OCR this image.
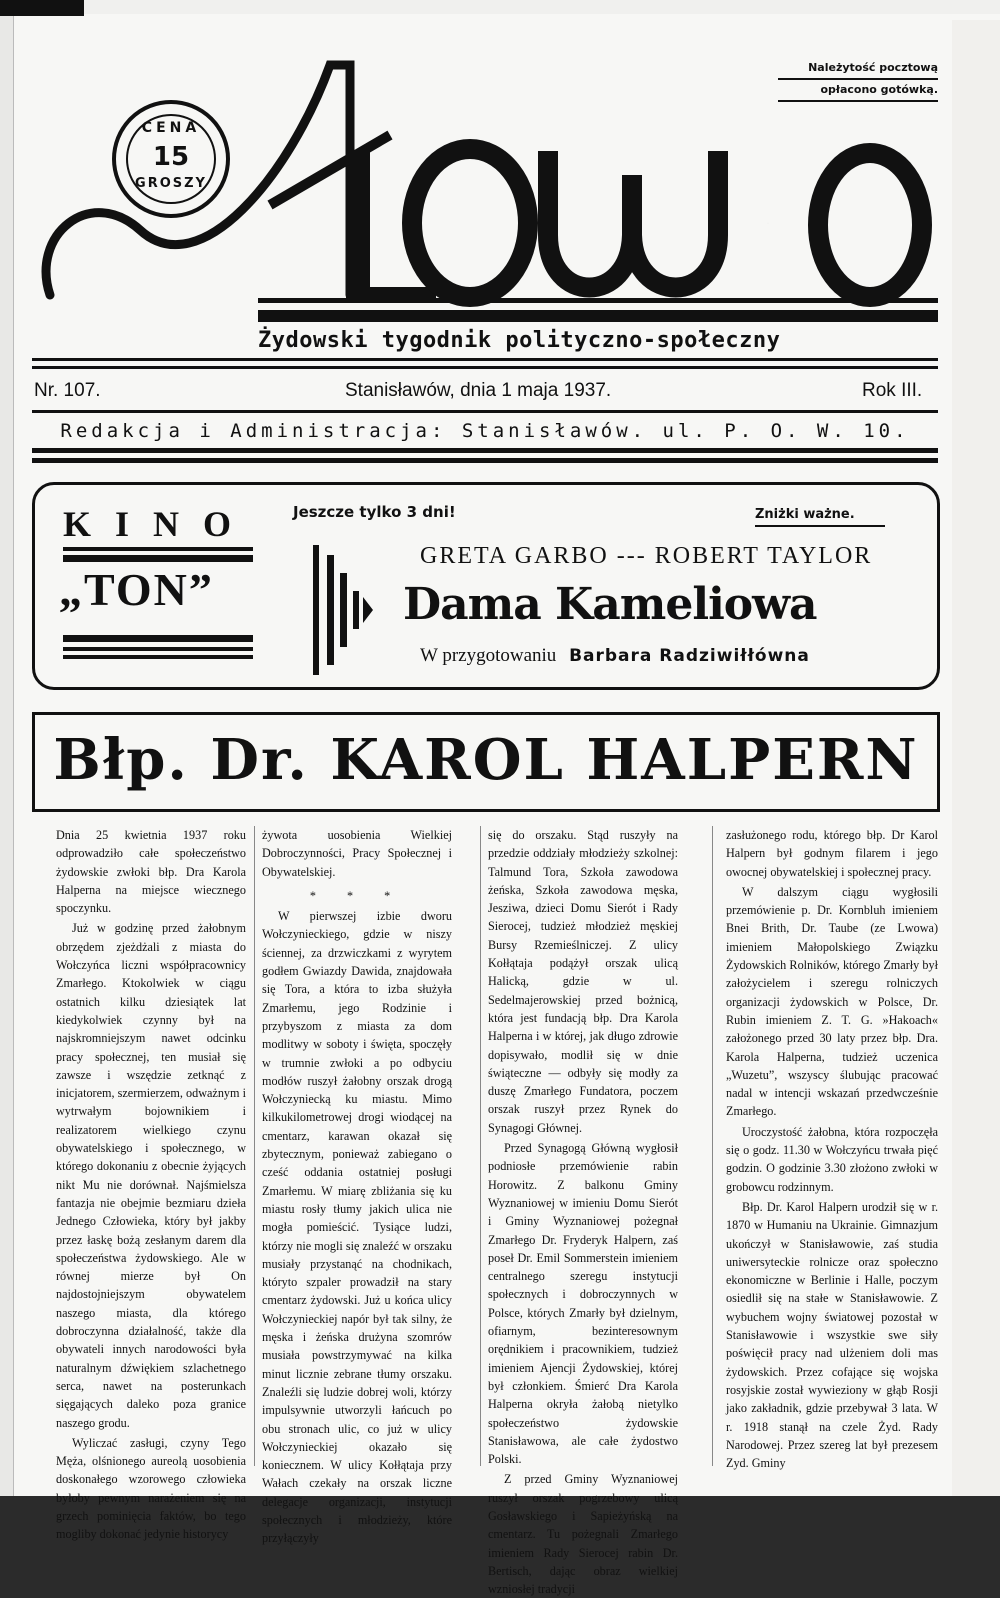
CENA
15
GROSZY
Należytość pocztową
opłacono gotówką.
Żydowski tygodnik polityczno-społeczny
Nr. 107.	Stanisławów, dnia 1 maja 1937.	Rok III.
Redakcja i Administracja: Stanisławów. ul. P. O. W. 10.
KINO
„TON”
Jeszcze tylko 3 dni!	Zniżki ważne.
GRETA GARBO --- ROBERT TAYLOR
Dama Kameliowa
W przygotowaniu Barbara Radziwiłłówna
Błp. Dr. KAROL HALPERN

Dnia 25 kwietnia 1937 roku odprowadziło całe społeczeństwo żydowskie zwłoki błp. Dra Karola Halperna na miejsce wiecznego spoczynku.

Już w godzinę przed żałobnym obrzędem zjeżdżali z miasta do Wołczyńca liczni współpracownicy Zmarłego. Ktokolwiek w ciągu ostatnich kilku dziesiątek lat kiedykolwiek czynny był na najskromniejszym nawet odcinku pracy społecznej, ten musiał się zawsze i wszędzie zetknąć z inicjatorem, szermierzem, odważnym i wytrwałym bojownikiem i realizatorem wielkiego czynu obywatelskiego i społecznego, w którego dokonaniu z obecnie żyjących nikt Mu nie dorównał. Najśmielsza fantazja nie obejmie bezmiaru dzieła Jednego Człowieka, który był jakby przez łaskę bożą zesłanym darem dla społeczeństwa żydowskiego. Ale w równej mierze był On najdostojniejszym obywatelem naszego miasta, dla którego dobroczynna działalność, także dla obywateli innych narodowości była naturalnym dźwiękiem szlachetnego serca, nawet na posterunkach sięgających daleko poza granice naszego grodu.

Wyliczać zasługi, czyny Tego Męża, olśnionego aureolą uosobienia doskonałego wzorowego człowieka byłoby pewnym narażeniem się na grzech pominięcia faktów, bo tego mogliby dokonać jedynie historycy

żywota uosobienia Wielkiej Dobroczynności, Pracy Społecznej i Obywatelskiej.

* * *

W pierwszej izbie dworu Wołczynieckiego, gdzie w niszy ściennej, za drzwiczkami z wyrytem godłem Gwiazdy Dawida, znajdowała się Tora, a która to izba służyła Zmarłemu, jego Rodzinie i przybyszom z miasta za dom modlitwy w soboty i święta, spoczęły w trumnie zwłoki a po odbyciu modłów ruszył żałobny orszak drogą Wołczyniecką ku miastu. Mimo kilkukilometrowej drogi wiodącej na cmentarz, karawan okazał się zbytecznym, ponieważ zabiegano o cześć oddania ostatniej posługi Zmarłemu. W miarę zbliżania się ku miastu rosły tłumy jakich ulica nie mogła pomieścić. Tysiące ludzi, którzy nie mogli się znaleźć w orszaku musiały przystanąć na chodnikach, któryto szpaler prowadził na stary cmentarz żydowski. Już u końca ulicy Wołczynieckiej napór był tak silny, że męska i żeńska drużyna szomrów musiała powstrzymywać na kilka minut licznie zebrane tłumy orszaku. Znaleźli się ludzie dobrej woli, którzy impulsywnie utworzyli łańcuch po obu stronach ulic, co już w ulicy Wołczynieckiej okazało się koniecznem. W ulicy Kołłątaja przy Wałach czekały na orszak liczne delegacje organizacji, instytucji społecznych i młodzieży, które przyłączyły

się do orszaku. Stąd ruszyły na przedzie oddziały młodzieży szkolnej: Talmund Tora, Szkoła zawodowa żeńska, Szkoła zawodowa męska, Jesziwa, dzieci Domu Sierót i Rady Sierocej, tudzież młodzież męskiej Bursy Rzemieślniczej. Z ulicy Kołłątaja podążył orszak ulicą Halicką, gdzie w ul. Sedelmajerowskiej przed bożnicą, która jest fundacją błp. Dra Karola Halperna i w której, jak długo zdrowie dopisywało, modlił się w dnie świąteczne — odbyły się modły za duszę Zmarłego Fundatora, poczem orszak ruszył przez Rynek do Synagogi Głównej.

Przed Synagogą Główną wygłosił podniosłe przemówienie rabin Horowitz. Z balkonu Gminy Wyznaniowej w imieniu Domu Sierót i Gminy Wyznaniowej pożegnał Zmarłego Dr. Fryderyk Halpern, zaś poseł Dr. Emil Sommerstein imieniem centralnego szeregu instytucji społecznych i dobroczynnych w Polsce, których Zmarły był dzielnym, ofiarnym, bezinteresownym orędnikiem i pracownikiem, tudzież imieniem Ajencji Żydowskiej, której był członkiem. Śmierć Dra Karola Halperna okryła żałobą nietylko społeczeństwo żydowskie Stanisławowa, ale całe żydostwo Polski.

Z przed Gminy Wyznaniowej ruszył orszak pogrzebowy ulicą Gosławskiego i Sapieżyńską na cmentarz. Tu pożegnali Zmarłego imieniem Rady Sierocej rabin Dr. Bertisch, dając obraz wielkiej wzniosłej tradycji

zasłużonego rodu, którego błp. Dr Karol Halpern był godnym filarem i jego owocnej obywatelskiej i społecznej pracy.

W dalszym ciągu wygłosili przemówienie p. Dr. Kornbluh imieniem Bnei Brith, Dr. Taube (ze Lwowa) imieniem Małopolskiego Związku Żydowskich Rolników, którego Zmarły był założycielem i szeregu rolniczych organizacji żydowskich w Polsce, Dr. Rubin imieniem Z. T. G. »Hakoach« założonego przed 30 laty przez błp. Dra. Karola Halperna, tudzież uczenica „Wuzetu”, wszyscy ślubując pracować nadal w intencji wskazań przedwcześnie Zmarłego.

Uroczystość żałobna, która rozpoczęła się o godz. 11.30 w Wołczyńcu trwała pięć godzin. O godzinie 3.30 złożono zwłoki w grobowcu rodzinnym.

Błp. Dr. Karol Halpern urodził się w r. 1870 w Humaniu na Ukrainie. Gimnazjum ukończył w Stanisławowie, zaś studia uniwersyteckie rolnicze oraz społeczno ekonomiczne w Berlinie i Halle, poczym osiedlił się na stałe w Stanisławowie. Z wybuchem wojny światowej pozostał w Stanisławowie i wszystkie swe siły poświęcił pracy nad ulżeniem doli mas żydowskich. Przez cofające się wojska rosyjskie został wywieziony w głąb Rosji jako zakładnik, gdzie przebywał 3 lata. W r. 1918 stanął na czele Żyd. Rady Narodowej. Przez szereg lat był prezesem Zyd. Gminy
